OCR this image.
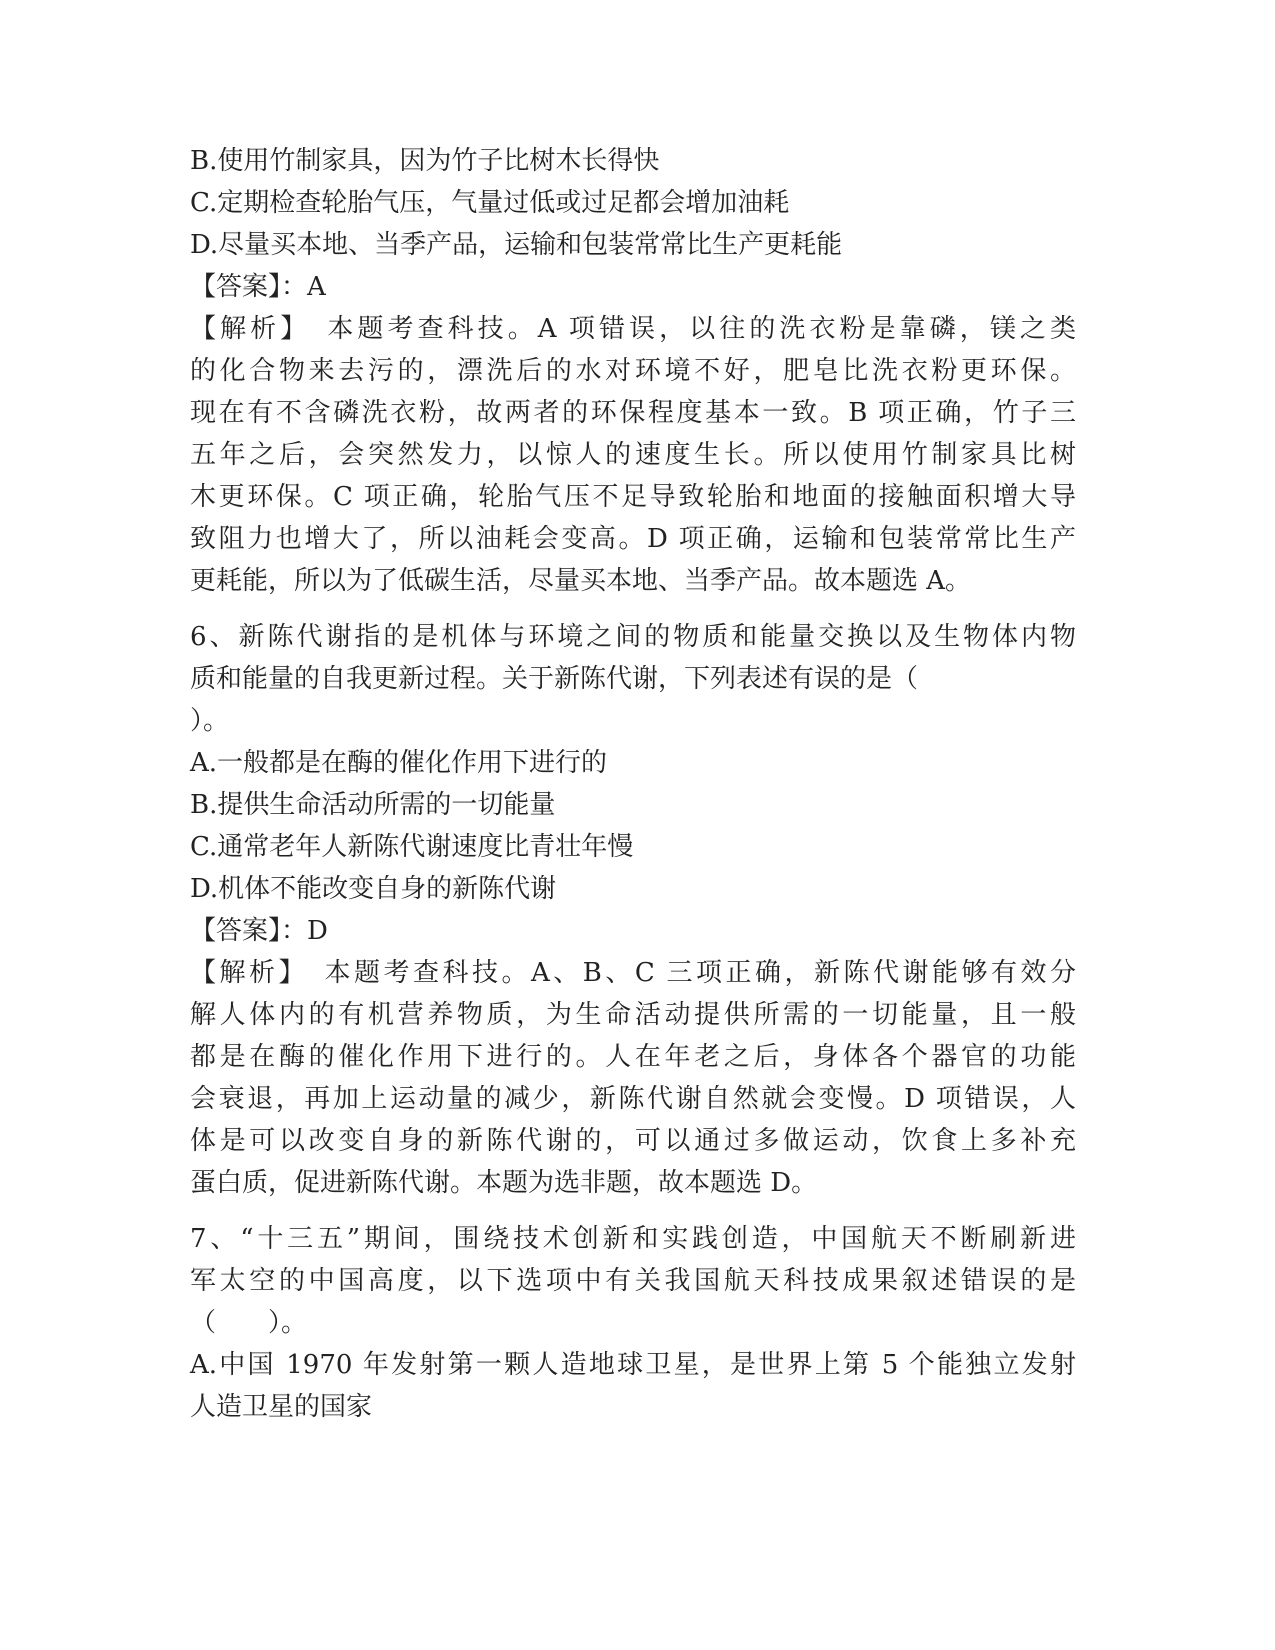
B.使用竹制家具，因为竹子比树木长得快
C.定期检查轮胎气压，气量过低或过足都会增加油耗
D.尽量买本地、当季产品，运输和包装常常比生产更耗能
【答案】：A
【解析】　本题考查科技。A 项错误，以往的洗衣粉是靠磷，镁之类
的化合物来去污的，漂洗后的水对环境不好，肥皂比洗衣粉更环保。
现在有不含磷洗衣粉，故两者的环保程度基本一致。B 项正确，竹子三
五年之后，会突然发力，以惊人的速度生长。所以使用竹制家具比树
木更环保。C 项正确，轮胎气压不足导致轮胎和地面的接触面积增大导
致阻力也增大了，所以油耗会变高。D 项正确，运输和包装常常比生产
更耗能，所以为了低碳生活，尽量买本地、当季产品。故本题选 A。
6、新陈代谢指的是机体与环境之间的物质和能量交换以及生物体内物
质和能量的自我更新过程。关于新陈代谢，下列表述有误的是（
）。
A.一般都是在酶的催化作用下进行的
B.提供生命活动所需的一切能量
C.通常老年人新陈代谢速度比青壮年慢
D.机体不能改变自身的新陈代谢
【答案】：D
【解析】　本题考查科技。A、B、C 三项正确，新陈代谢能够有效分
解人体内的有机营养物质，为生命活动提供所需的一切能量，且一般
都是在酶的催化作用下进行的。人在年老之后，身体各个器官的功能
会衰退，再加上运动量的减少，新陈代谢自然就会变慢。D 项错误，人
体是可以改变自身的新陈代谢的，可以通过多做运动，饮食上多补充
蛋白质，促进新陈代谢。本题为选非题，故本题选 D。
7、“十三五”期间，围绕技术创新和实践创造，中国航天不断刷新进
军太空的中国高度，以下选项中有关我国航天科技成果叙述错误的是
（　　）。
A.中国 1970 年发射第一颗人造地球卫星，是世界上第 5 个能独立发射
人造卫星的国家
